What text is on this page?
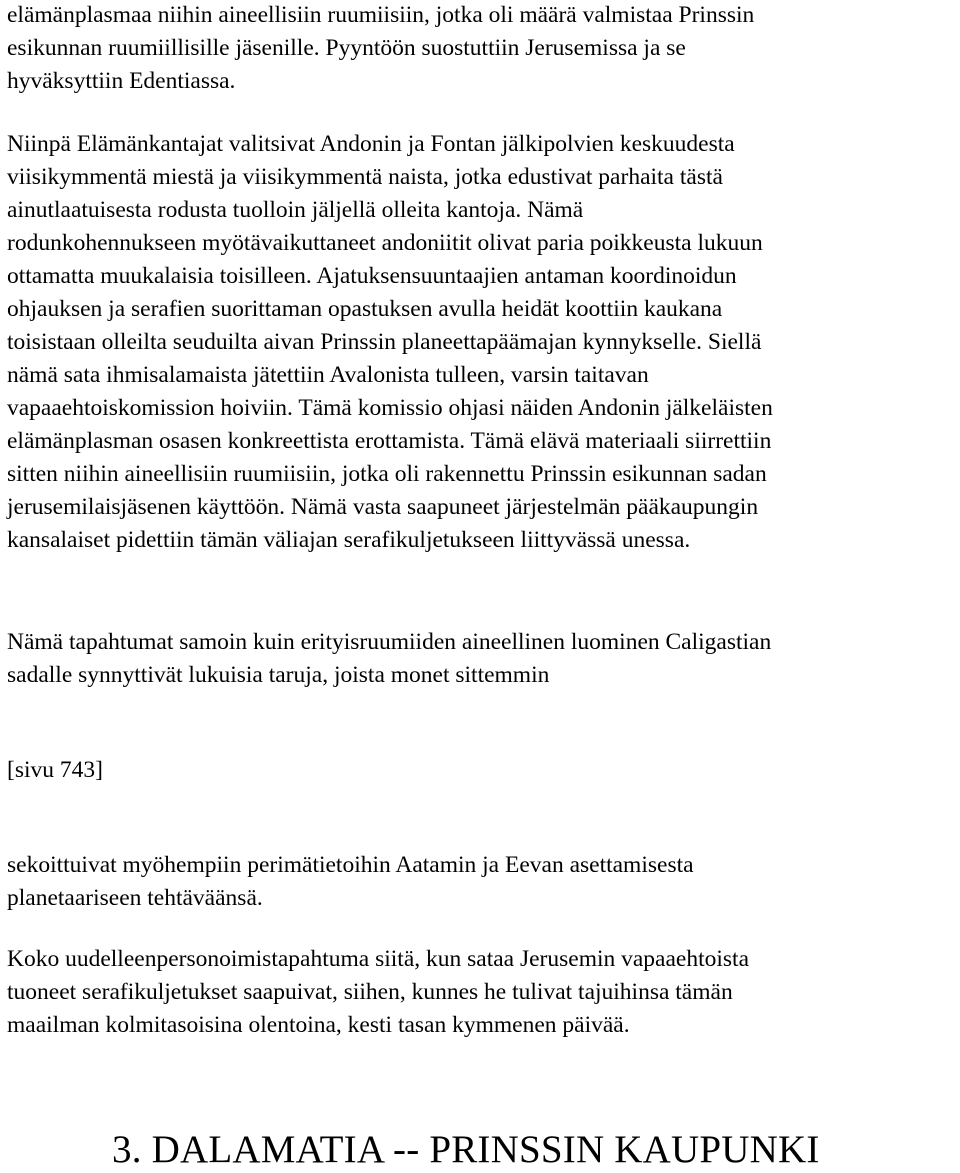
elämänplasmaa niihin aineellisiin ruumiisiin, jotka oli määrä valmistaa Prinssin
esikunnan ruumiillisille jäsenille. Pyyntöön suostuttiin Jerusemissa ja se
hyväksyttiin Edentiassa.
Niinpä Elämänkantajat valitsivat Andonin ja Fontan jälkipolvien keskuudesta
viisikymmentä miestä ja viisikymmentä naista, jotka edustivat parhaita tästä
ainutlaatuisesta rodusta tuolloin jäljellä olleita kantoja. Nämä
rodunkohennukseen myötävaikuttaneet andoniitit olivat paria poikkeusta lukuun
ottamatta muukalaisia toisilleen. Ajatuksensuuntaajien antaman koordinoidun
ohjauksen ja serafien suorittaman opastuksen avulla heidät koottiin kaukana
toisistaan olleilta seuduilta aivan Prinssin planeettapäämajan kynnykselle. Siellä
nämä sata ihmisalamaista jätettiin Avalonista tulleen, varsin taitavan
vapaaehtoiskomission hoiviin. Tämä komissio ohjasi näiden Andonin jälkeläisten
elämänplasman osasen konkreettista erottamista. Tämä elävä materiaali siirrettiin
sitten niihin aineellisiin ruumiisiin, jotka oli rakennettu Prinssin esikunnan sadan
jerusemilaisjäsenen käyttöön. Nämä vasta saapuneet järjestelmän pääkaupungin
kansalaiset pidettiin tämän väliajan serafikuljetukseen liittyvässä unessa.
Nämä tapahtumat samoin kuin erityisruumiiden aineellinen luominen Caligastian
sadalle synnyttivät lukuisia taruja, joista monet sittemmin
[sivu 743]
sekoittuivat myöhempiin perimätietoihin Aatamin ja Eevan asettamisesta
planetaariseen tehtäväänsä.
Koko uudelleenpersonoimistapahtuma siitä, kun sataa Jerusemin vapaaehtoista
tuoneet serafikuljetukset saapuivat, siihen, kunnes he tulivat tajuihinsa tämän
maailman kolmitasoisina olentoina, kesti tasan kymmenen päivää.
3. DALAMATIA -- PRINSSIN KAUPUNKI
